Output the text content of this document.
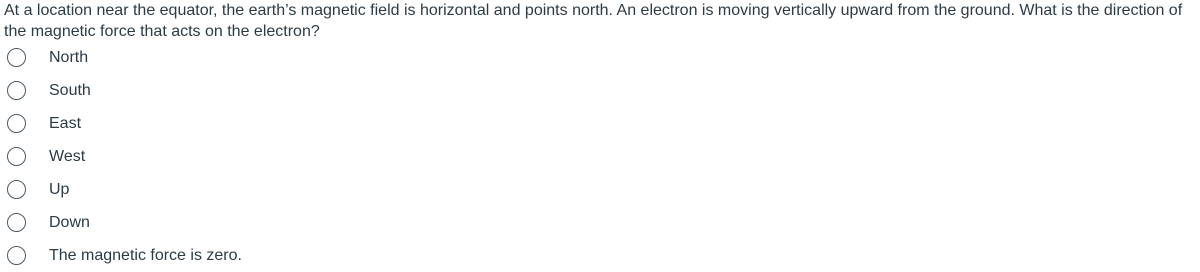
At a location near the equator, the earth’s magnetic field is horizontal and points north. An electron is moving vertically upward from the ground. What is the direction of the magnetic force that acts on the electron?
North
South
East
West
Up
Down
The magnetic force is zero.
